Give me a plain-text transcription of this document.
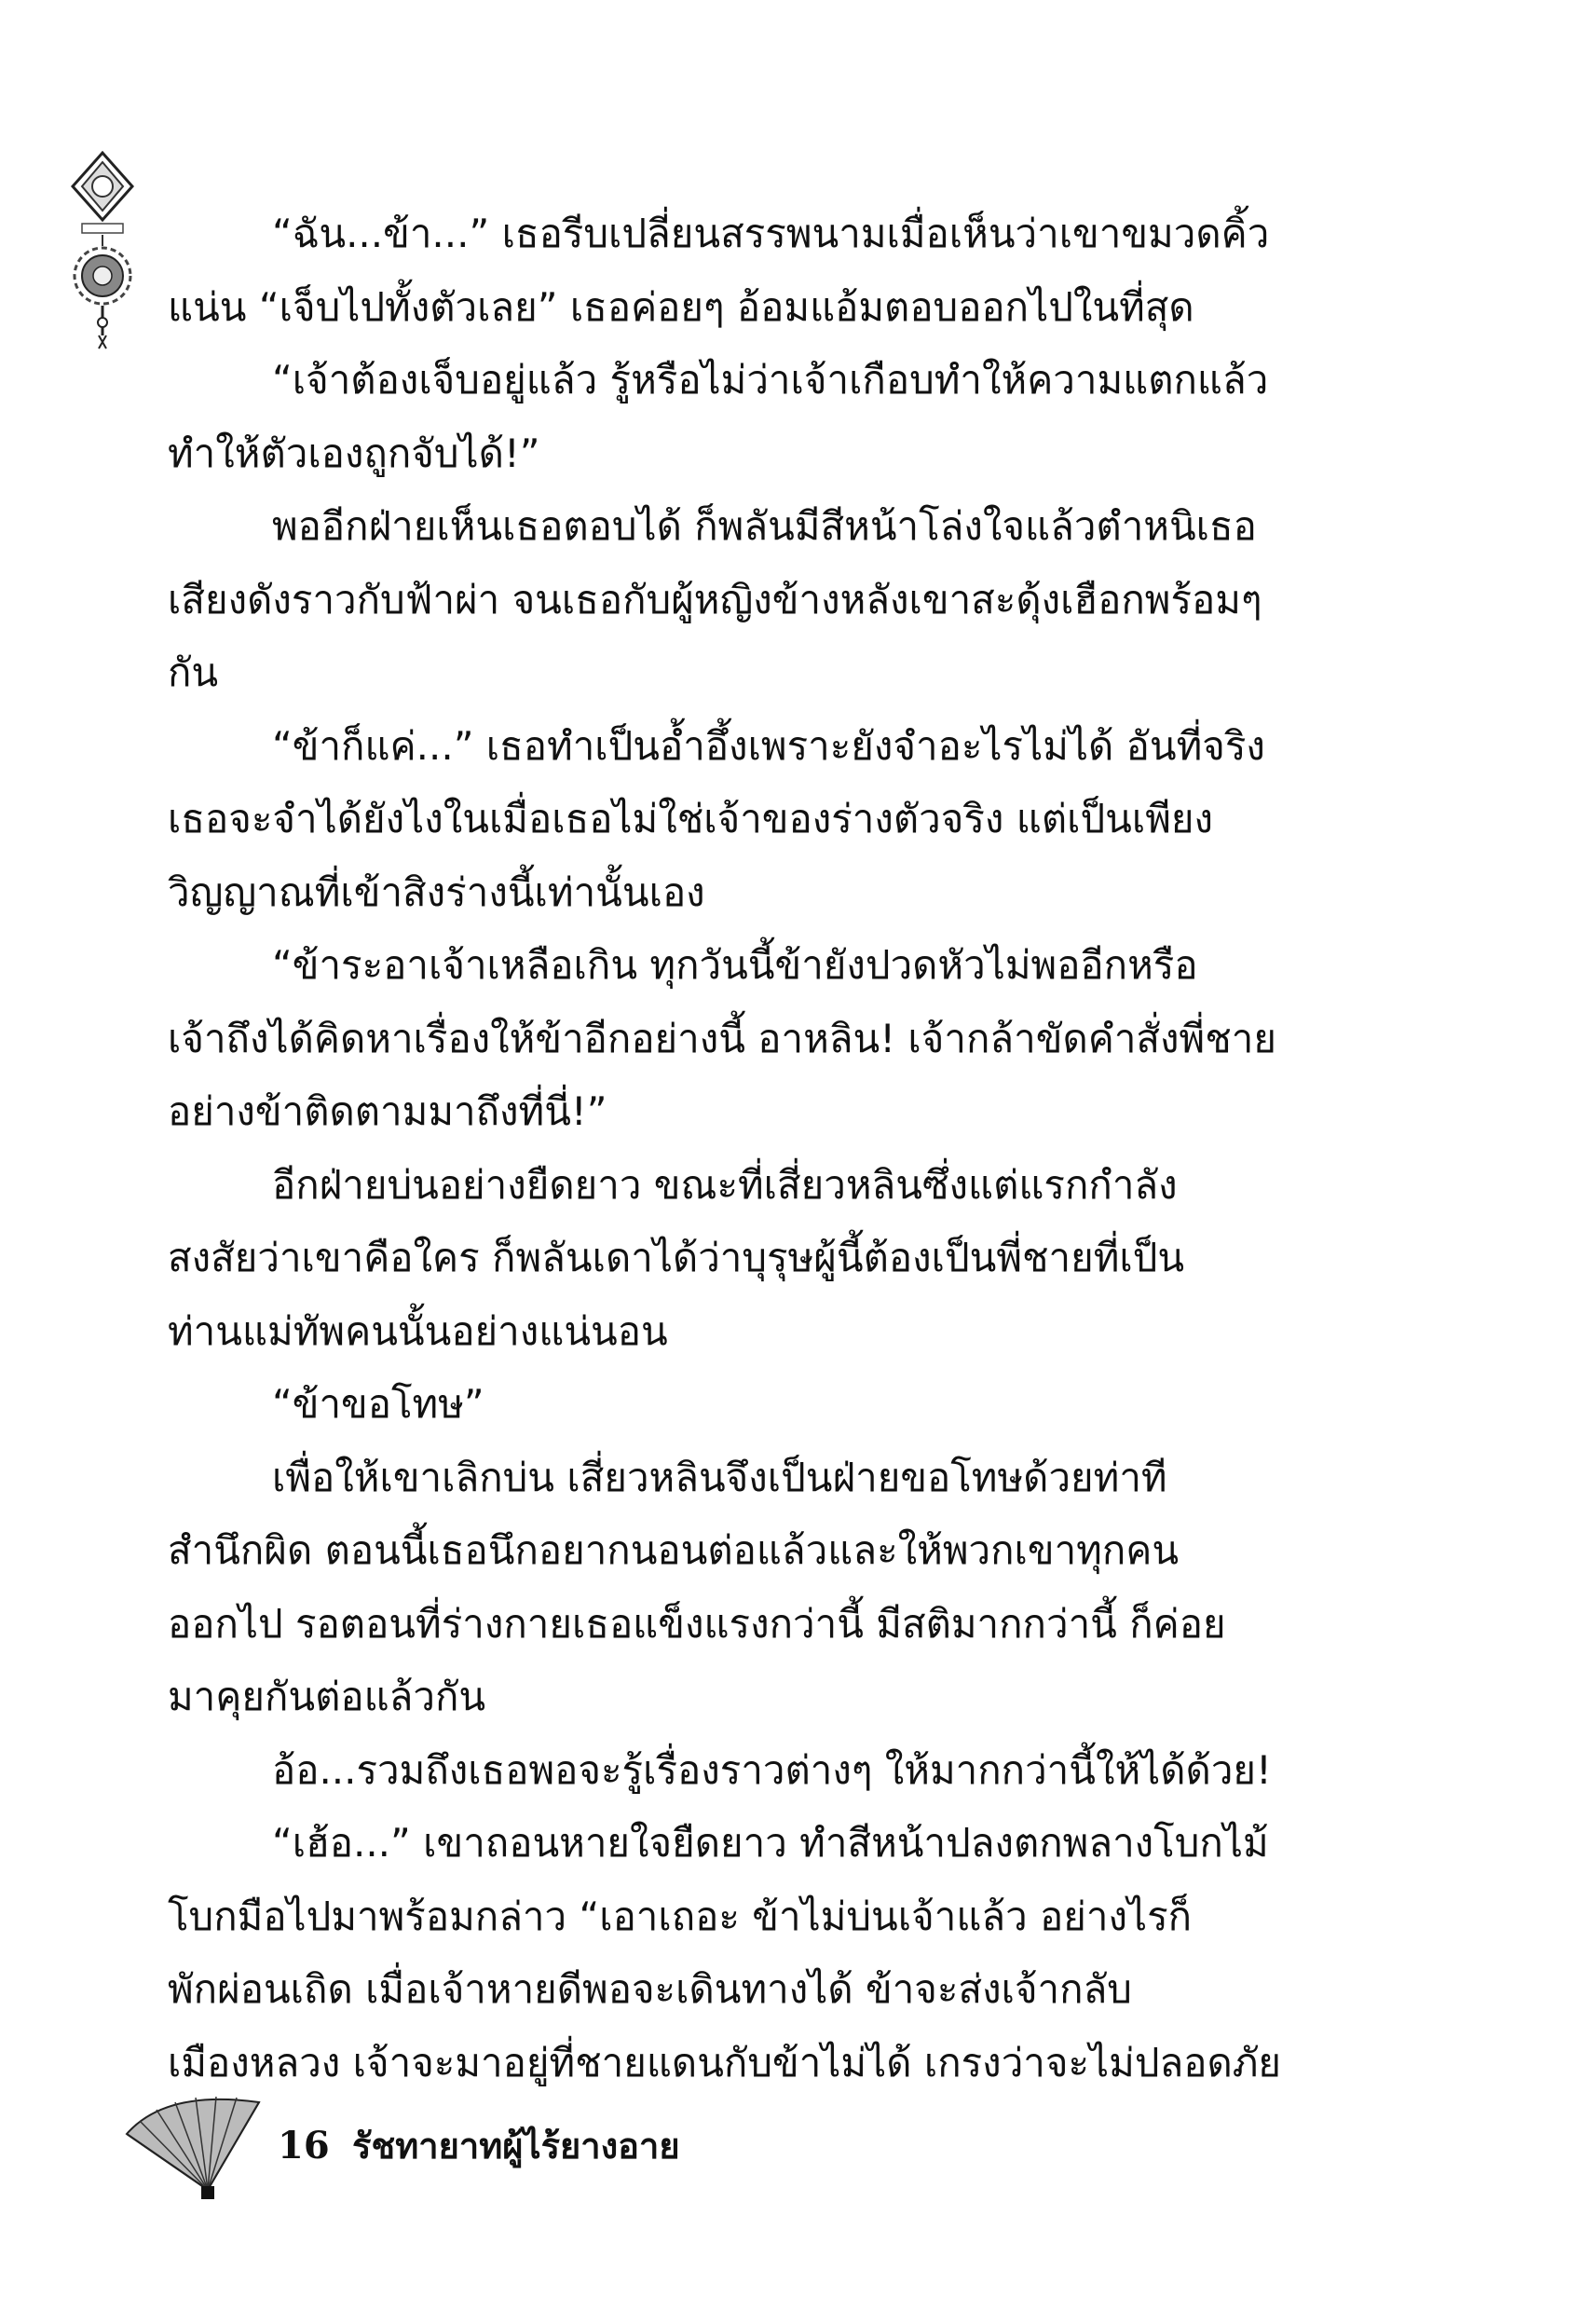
“ฉัน...ข้า...” เธอรีบเปลี่ยนสรรพนามเมื่อเห็นว่าเขาขมวดคิ้ว
แน่น “เจ็บไปทั้งตัวเลย” เธอค่อยๆ อ้อมแอ้มตอบออกไปในที่สุด
“เจ้าต้องเจ็บอยู่แล้ว รู้หรือไม่ว่าเจ้าเกือบทำให้ความแตกแล้ว
ทำให้ตัวเองถูกจับได้!”
พออีกฝ่ายเห็นเธอตอบได้ ก็พลันมีสีหน้าโล่งใจแล้วตำหนิเธอ
เสียงดังราวกับฟ้าผ่า จนเธอกับผู้หญิงข้างหลังเขาสะดุ้งเฮือกพร้อมๆ
กัน
“ข้าก็แค่...” เธอทำเป็นอ้ำอึ้งเพราะยังจำอะไรไม่ได้ อันที่จริง
เธอจะจำได้ยังไงในเมื่อเธอไม่ใช่เจ้าของร่างตัวจริง แต่เป็นเพียง
วิญญาณที่เข้าสิงร่างนี้เท่านั้นเอง
“ข้าระอาเจ้าเหลือเกิน ทุกวันนี้ข้ายังปวดหัวไม่พออีกหรือ
เจ้าถึงได้คิดหาเรื่องให้ข้าอีกอย่างนี้ อาหลิน! เจ้ากล้าขัดคำสั่งพี่ชาย
อย่างข้าติดตามมาถึงที่นี่!”
อีกฝ่ายบ่นอย่างยืดยาว ขณะที่เสี่ยวหลินซึ่งแต่แรกกำลัง
สงสัยว่าเขาคือใคร ก็พลันเดาได้ว่าบุรุษผู้นี้ต้องเป็นพี่ชายที่เป็น
ท่านแม่ทัพคนนั้นอย่างแน่นอน
“ข้าขอโทษ”
เพื่อให้เขาเลิกบ่น เสี่ยวหลินจึงเป็นฝ่ายขอโทษด้วยท่าที
สำนึกผิด ตอนนี้เธอนึกอยากนอนต่อแล้วและให้พวกเขาทุกคน
ออกไป รอตอนที่ร่างกายเธอแข็งแรงกว่านี้ มีสติมากกว่านี้ ก็ค่อย
มาคุยกันต่อแล้วกัน
อ้อ...รวมถึงเธอพอจะรู้เรื่องราวต่างๆ ให้มากกว่านี้ให้ได้ด้วย!
“เฮ้อ...” เขาถอนหายใจยืดยาว ทำสีหน้าปลงตกพลางโบกไม้
โบกมือไปมาพร้อมกล่าว “เอาเถอะ ข้าไม่บ่นเจ้าแล้ว อย่างไรก็
พักผ่อนเถิด เมื่อเจ้าหายดีพอจะเดินทางได้ ข้าจะส่งเจ้ากลับ
เมืองหลวง เจ้าจะมาอยู่ที่ชายแดนกับข้าไม่ได้ เกรงว่าจะไม่ปลอดภัย
16 รัชทายาทผู้ไร้ยางอาย
